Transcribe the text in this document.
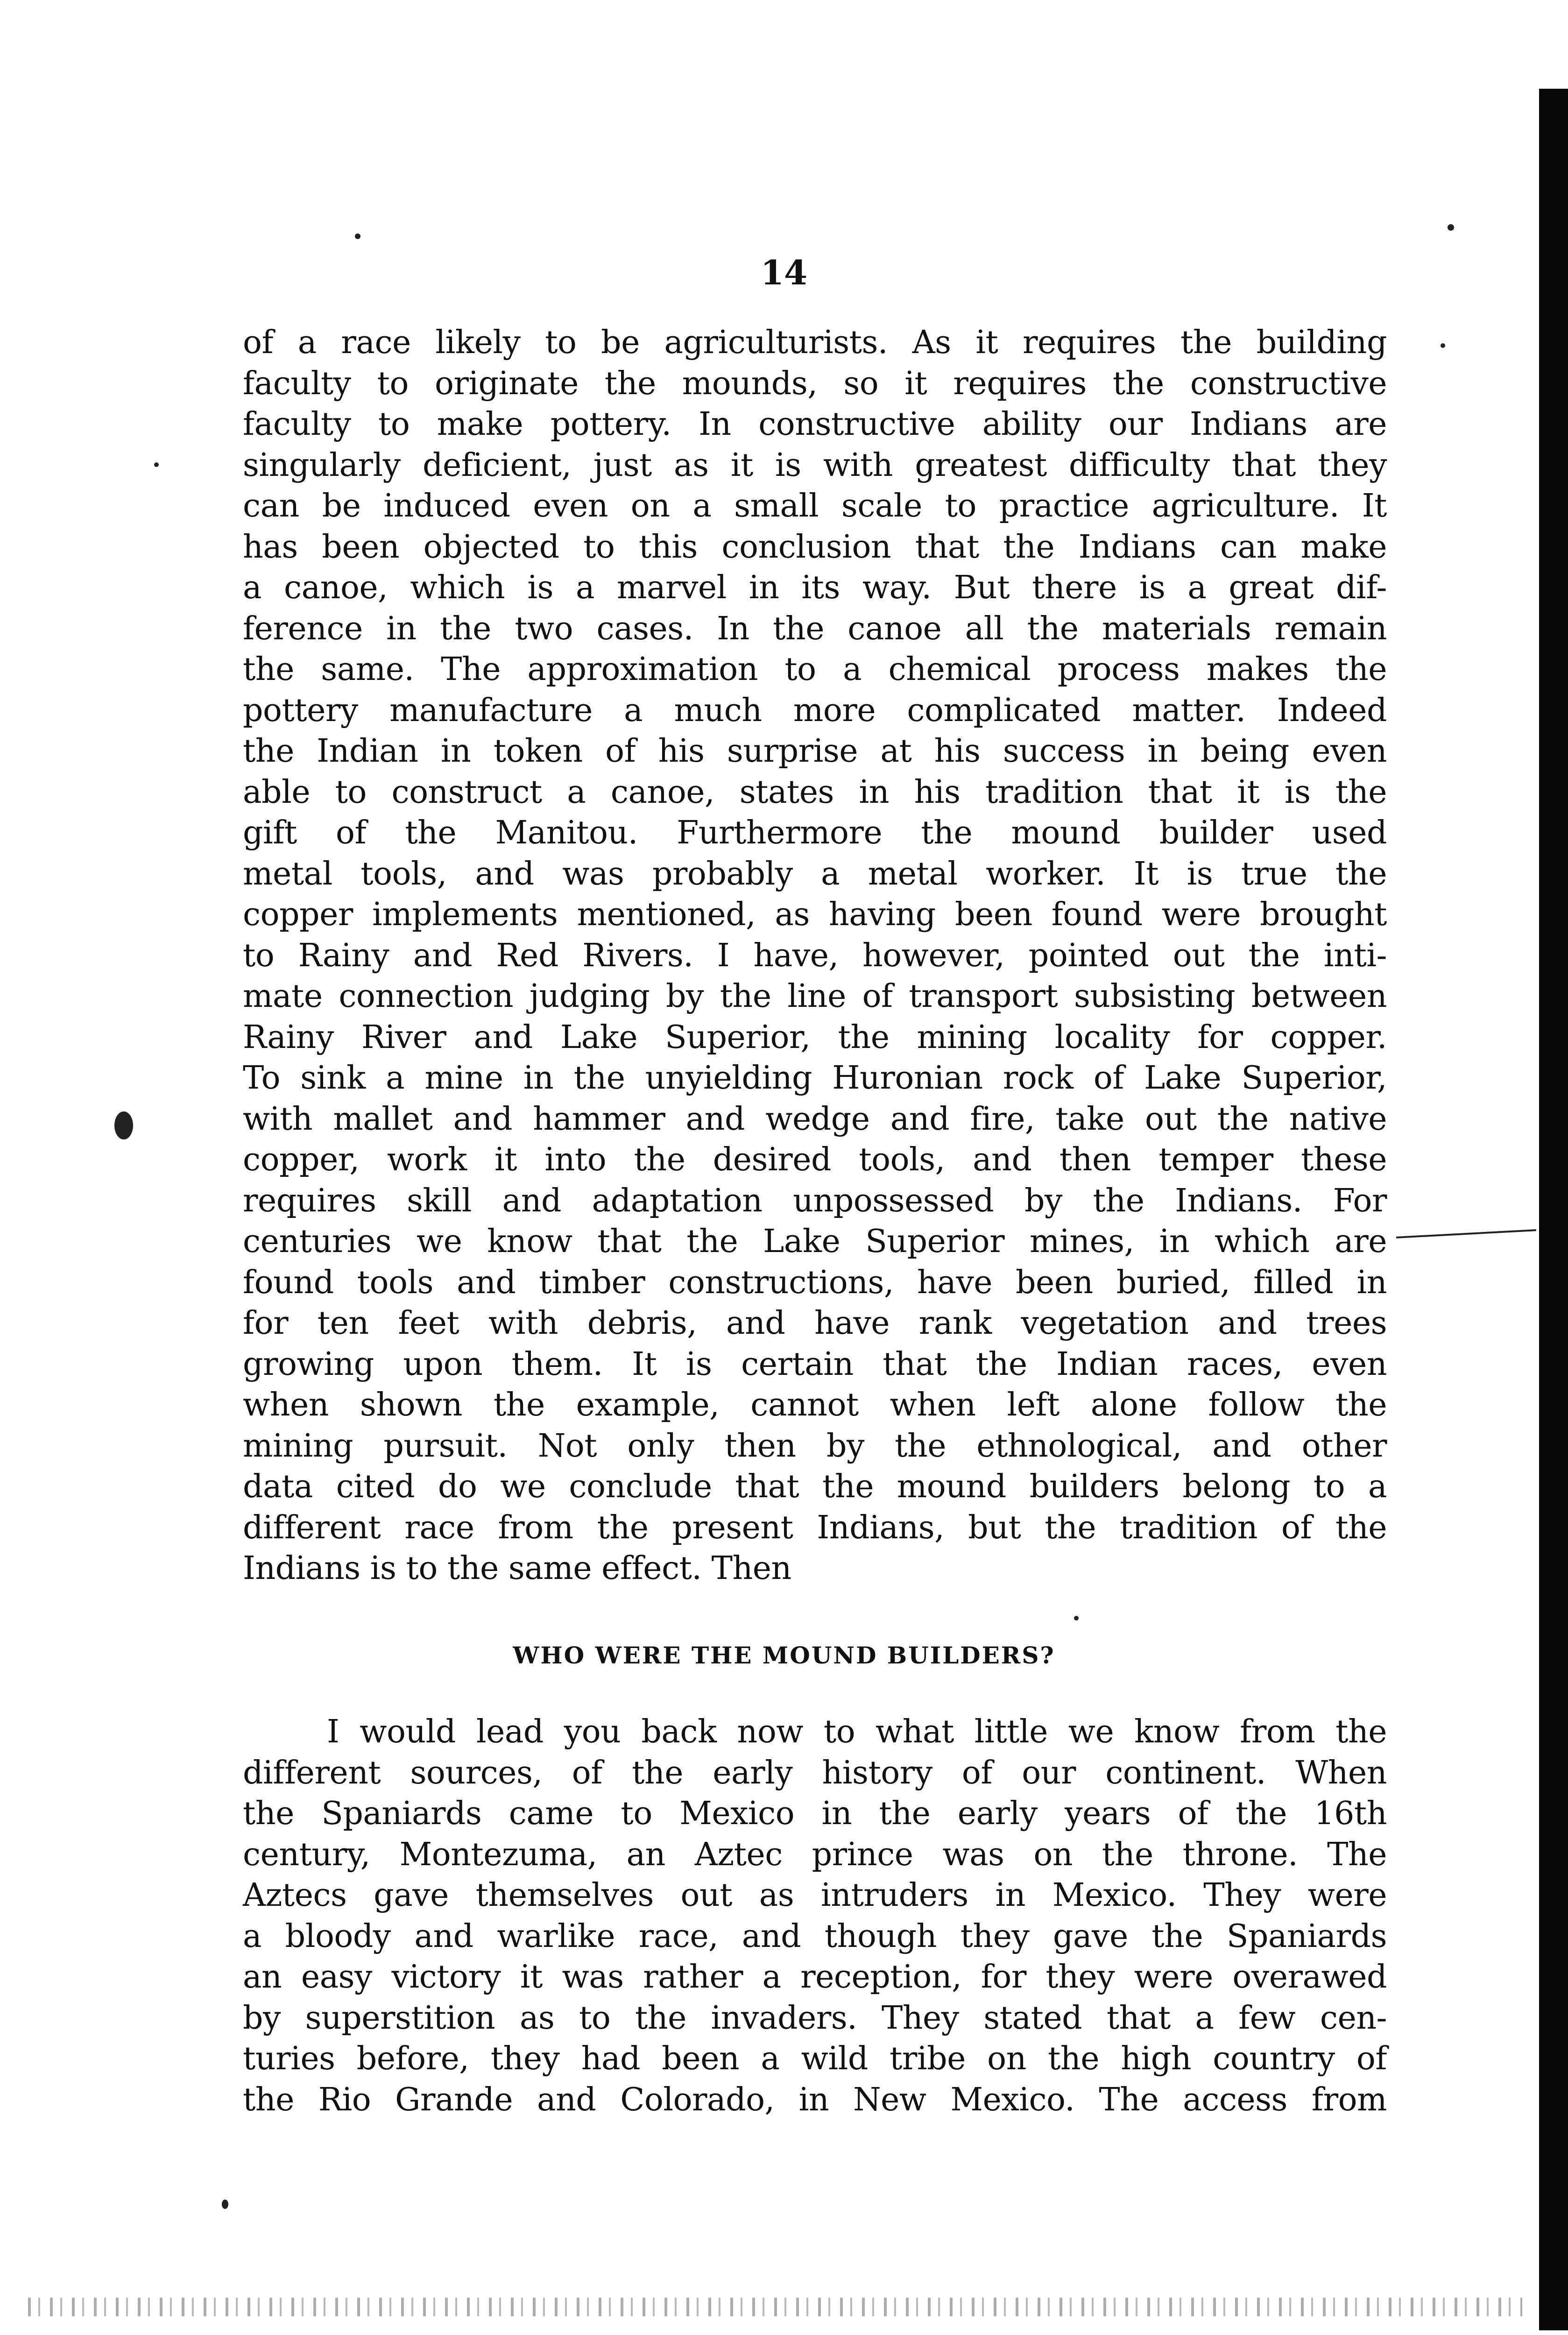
14
of a race likely to be agriculturists. As it requires the building
faculty to originate the mounds, so it requires the constructive
faculty to make pottery. In constructive ability our Indians are
singularly deficient, just as it is with greatest difficulty that they
can be induced even on a small scale to practice agriculture. It
has been objected to this conclusion that the Indians can make
a canoe, which is a marvel in its way. But there is a great dif-
ference in the two cases. In the canoe all the materials remain
the same. The approximation to a chemical process makes the
pottery manufacture a much more complicated matter. Indeed
the Indian in token of his surprise at his success in being even
able to construct a canoe, states in his tradition that it is the
gift of the Manitou. Furthermore the mound builder used
metal tools, and was probably a metal worker. It is true the
copper implements mentioned, as having been found were brought
to Rainy and Red Rivers. I have, however, pointed out the inti-
mate connection judging by the line of transport subsisting between
Rainy River and Lake Superior, the mining locality for copper.
To sink a mine in the unyielding Huronian rock of Lake Superior,
with mallet and hammer and wedge and fire, take out the native
copper, work it into the desired tools, and then temper these
requires skill and adaptation unpossessed by the Indians. For
centuries we know that the Lake Superior mines, in which are
found tools and timber constructions, have been buried, filled in
for ten feet with debris, and have rank vegetation and trees
growing upon them. It is certain that the Indian races, even
when shown the example, cannot when left alone follow the
mining pursuit. Not only then by the ethnological, and other
data cited do we conclude that the mound builders belong to a
different race from the present Indians, but the tradition of the
Indians is to the same effect. Then
WHO WERE THE MOUND BUILDERS?
I would lead you back now to what little we know from the
different sources, of the early history of our continent. When
the Spaniards came to Mexico in the early years of the 16th
century, Montezuma, an Aztec prince was on the throne. The
Aztecs gave themselves out as intruders in Mexico. They were
a bloody and warlike race, and though they gave the Spaniards
an easy victory it was rather a reception, for they were overawed
by superstition as to the invaders. They stated that a few cen-
turies before, they had been a wild tribe on the high country of
the Rio Grande and Colorado, in New Mexico. The access from
